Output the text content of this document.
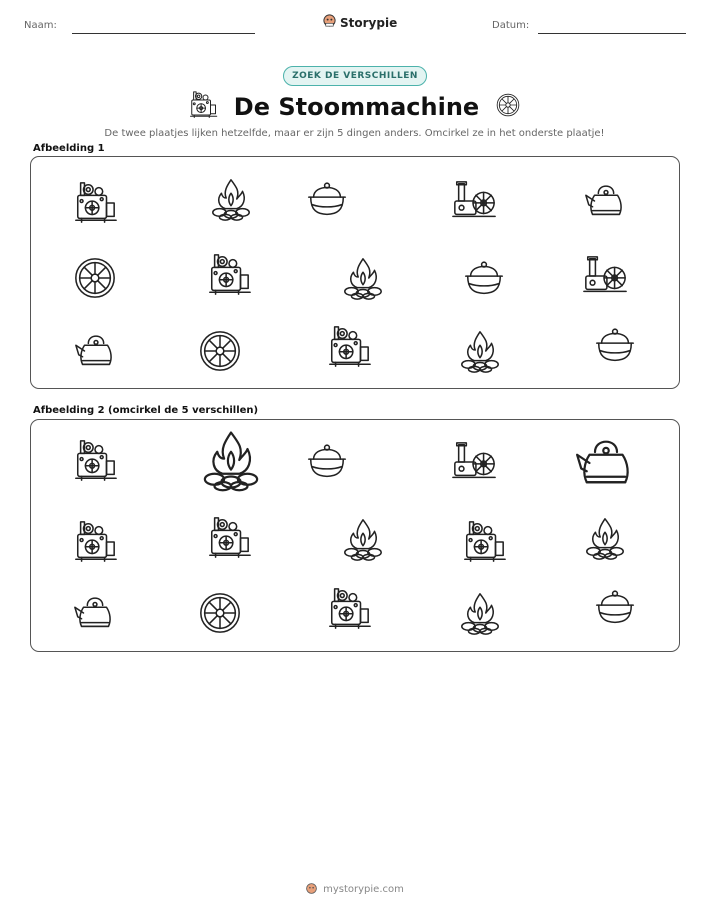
Naam:	Storypie	Datum:
ZOEK DE VERSCHILLEN
De Stoommachine
De twee plaatjes lijken hetzelfde, maar er zijn 5 dingen anders. Omcirkel ze in het onderste plaatje!
Afbeelding 1
Afbeelding 2 (omcirkel de 5 verschillen)
mystorypie.com
